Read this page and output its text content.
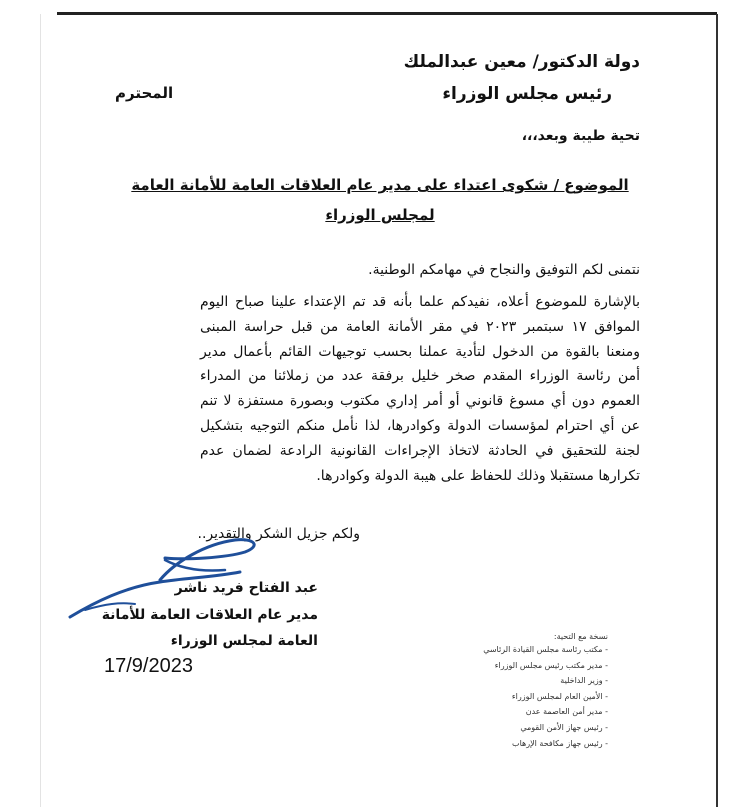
دولة الدكتور/ معين عبدالملك
رئيس مجلس الوزراء
المحترم
تحية طيبة وبعد،،،
الموضوع / شكوى اعتداء على مدير عام العلاقات العامة للأمانة العامة
لمجلس الوزراء
نتمنى لكم التوفيق والنجاح في مهامكم الوطنية.
بالإشارة للموضوع أعلاه، نفيدكم علما بأنه قد تم الإعتداء علينا صباح اليوم الموافق ١٧ سبتمبر ٢٠٢٣ في مقر الأمانة العامة من قبل حراسة المبنى ومنعنا بالقوة من الدخول لتأدية عملنا بحسب توجيهات القائم بأعمال مدير أمن رئاسة الوزراء المقدم صخر خليل برفقة عدد من زملائنا من المدراء العموم دون أي مسوغ قانوني أو أمر إداري مكتوب وبصورة مستفزة لا تنم عن أي احترام لمؤسسات الدولة وكوادرها، لذا نأمل منكم التوجيه بتشكيل لجنة للتحقيق في الحادثة لاتخاذ الإجراءات القانونية الرادعة لضمان عدم تكرارها مستقبلا وذلك للحفاظ على هيبة الدولة وكوادرها.
ولكم جزيل الشكر والتقدير..
عبد الفتاح فريد ناشر
مدير عام العلاقات العامة للأمانة
العامة لمجلس الوزراء
17/9/2023
نسخة مع التحية:
- مكتب رئاسة مجلس القيادة الرئاسي
- مدير مكتب رئيس مجلس الوزراء
- وزير الداخلية
- الأمين العام لمجلس الوزراء
- مدير أمن العاصمة عدن
- رئيس جهاز الأمن القومي
- رئيس جهاز مكافحة الإرهاب
